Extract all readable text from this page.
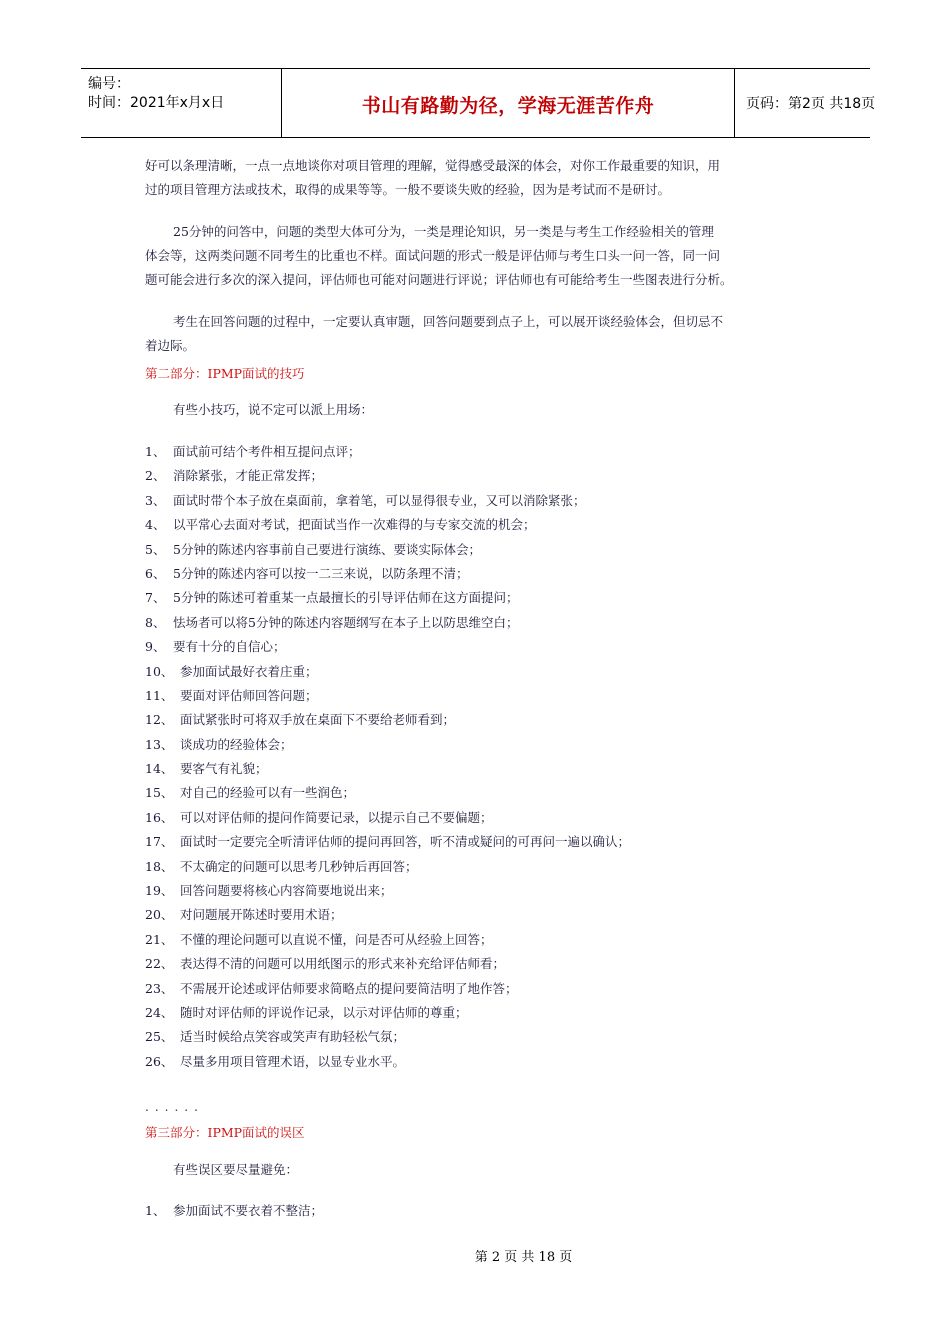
编号：
时间：2021年x月x日	书山有路勤为径，学海无涯苦作舟	页码：第2页 共18页

好可以条理清晰，一点一点地谈你对项目管理的理解，觉得感受最深的体会，对你工作最重要的知识，用

过的项目管理方法或技术，取得的成果等等。一般不要谈失败的经验，因为是考试而不是研讨。

25分钟的问答中，问题的类型大体可分为，一类是理论知识，另一类是与考生工作经验相关的管理

体会等，这两类问题不同考生的比重也不样。面试问题的形式一般是评估师与考生口头一问一答，同一问

题可能会进行多次的深入提问，评估师也可能对问题进行评说；评估师也有可能给考生一些图表进行分析。

考生在回答问题的过程中，一定要认真审题，回答问题要到点子上，可以展开谈经验体会，但切忌不

着边际。

第二部分：IPMP面试的技巧
有些小技巧，说不定可以派上用场：
1、 面试前可结个考件相互提问点评；
2、 消除紧张，才能正常发挥；
3、 面试时带个本子放在桌面前，拿着笔，可以显得很专业，又可以消除紧张；
4、 以平常心去面对考试，把面试当作一次难得的与专家交流的机会；
5、 5分钟的陈述内容事前自己要进行演练、要谈实际体会；
6、 5分钟的陈述内容可以按一二三来说，以防条理不清；
7、 5分钟的陈述可着重某一点最擅长的引导评估师在这方面提问；
8、 怯场者可以将5分钟的陈述内容题纲写在本子上以防思维空白；
9、 要有十分的自信心；
10、 参加面试最好衣着庄重；
11、 要面对评估师回答问题；
12、 面试紧张时可将双手放在桌面下不要给老师看到；
13、 谈成功的经验体会；
14、 要客气有礼貌；
15、 对自己的经验可以有一些润色；
16、 可以对评估师的提问作简要记录，以提示自己不要偏题；
17、 面试时一定要完全听清评估师的提问再回答，听不清或疑问的可再问一遍以确认；
18、 不太确定的问题可以思考几秒钟后再回答；
19、 回答问题要将核心内容简要地说出来；
20、 对问题展开陈述时要用术语；
21、 不懂的理论问题可以直说不懂，问是否可从经验上回答；
22、 表达得不清的问题可以用纸图示的形式来补充给评估师看；
23、 不需展开论述或评估师要求简略点的提问要简洁明了地作答；
24、 随时对评估师的评说作记录，以示对评估师的尊重；
25、 适当时候给点笑容或笑声有助轻松气氛；
26、 尽量多用项目管理术语，以显专业水平。
......
第三部分：IPMP面试的误区
有些误区要尽量避免：
1、 参加面试不要衣着不整洁；
第 2 页 共 18 页
